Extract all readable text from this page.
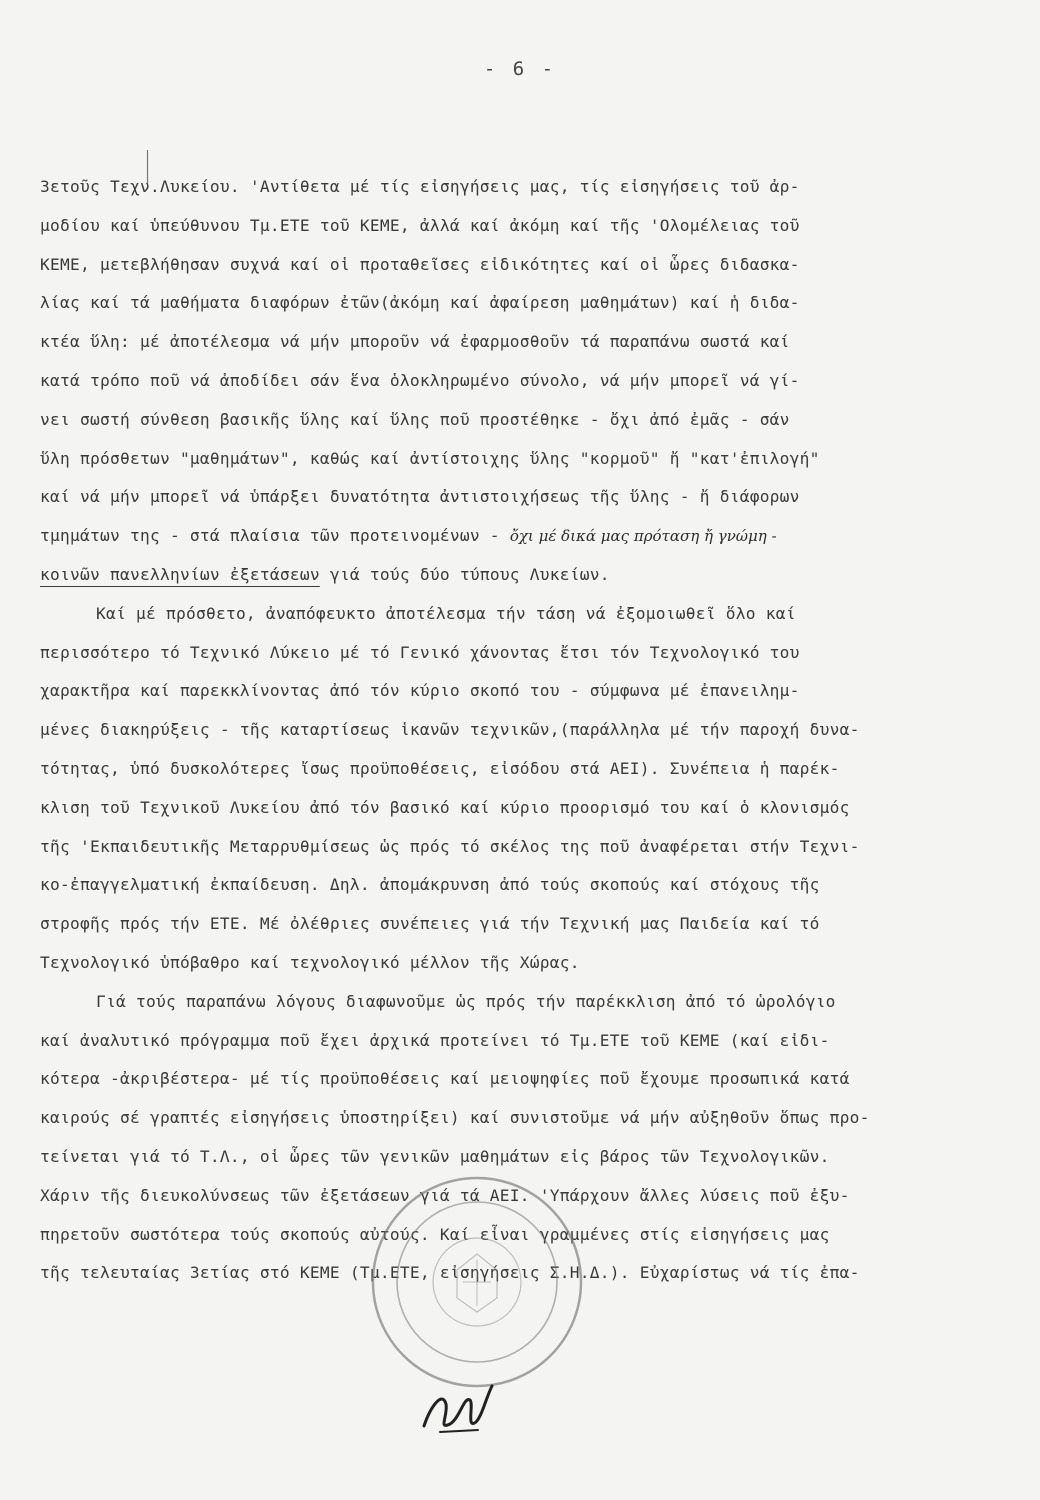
- 6 -
3ετοῦς Τεχν.Λυκείου. 'Αντίθετα μέ τίς εἰσηγήσεις μας, τίς εἰσηγήσεις τοῦ ἀρ-
μοδίου καί ὑπεύθυνου Τμ.ΕΤΕ τοῦ ΚΕΜΕ, ἀλλά καί ἀκόμη καί τῆς 'Ολομέλειας τοῦ
ΚΕΜΕ, μετεβλήθησαν συχνά καί οἱ προταθεῖσες εἰδικότητες καί οἱ ὧρες διδασκα-
λίας καί τά μαθήματα διαφόρων ἐτῶν(ἀκόμη καί ἀφαίρεση μαθημάτων) καί ἡ διδα-
κτέα ὕλη: μέ ἀποτέλεσμα νά μήν μποροῦν νά ἐφαρμοσθοῦν τά παραπάνω σωστά καί
κατά τρόπο ποῦ νά ἀποδίδει σάν ἕνα ὁλοκληρωμένο σύνολο, νά μήν μπορεῖ νά γί-
νει σωστή σύνθεση βασικῆς ὕλης καί ὕλης ποῦ προστέθηκε - ὄχι ἀπό ἐμᾶς - σάν
ὕλη πρόσθετων "μαθημάτων", καθώς καί ἀντίστοιχης ὕλης "κορμοῦ" ἤ "κατ'ἐπιλογή"
καί νά μήν μπορεῖ νά ὑπάρξει δυνατότητα ἀντιστοιχήσεως τῆς ὕλης - ἤ διάφορων
τμημάτων της - στά πλαίσια τῶν προτεινομένων - ὄχι μέ δικά μας πρόταση ἤ γνώμη -
κοινῶν πανελληνίων ἐξετάσεων γιά τούς δύο τύπους Λυκείων.
Καί μέ πρόσθετο, ἀναπόφευκτο ἀποτέλεσμα τήν τάση νά ἐξομοιωθεῖ ὅλο καί
περισσότερο τό Τεχνικό Λύκειο μέ τό Γενικό χάνοντας ἔτσι τόν Τεχνολογικό του
χαρακτῆρα καί παρεκκλίνοντας ἀπό τόν κύριο σκοπό του - σύμφωνα μέ ἐπανειλημ-
μένες διακηρύξεις - τῆς καταρτίσεως ἱκανῶν τεχνικῶν,(παράλληλα μέ τήν παροχή δυνα-
τότητας, ὑπό δυσκολότερες ἴσως προϋποθέσεις, εἰσόδου στά ΑΕΙ). Συνέπεια ἡ παρέκ-
κλιση τοῦ Τεχνικοῦ Λυκείου ἀπό τόν βασικό καί κύριο προορισμό του καί ὁ κλονισμός
τῆς 'Εκπαιδευτικῆς Μεταρρυθμίσεως ὡς πρός τό σκέλος της ποῦ ἀναφέρεται στήν Τεχνι-
κο-ἐπαγγελματική ἐκπαίδευση. Δηλ. ἀπομάκρυνση ἀπό τούς σκοπούς καί στόχους τῆς
στροφῆς πρός τήν ΕΤΕ. Μέ ὀλέθριες συνέπειες γιά τήν Τεχνική μας Παιδεία καί τό
Τεχνολογικό ὑπόβαθρο καί τεχνολογικό μέλλον τῆς Χώρας.
Γιά τούς παραπάνω λόγους διαφωνοῦμε ὡς πρός τήν παρέκκλιση ἀπό τό ὡρολόγιο
καί ἀναλυτικό πρόγραμμα ποῦ ἔχει ἀρχικά προτείνει τό Τμ.ΕΤΕ τοῦ ΚΕΜΕ (καί εἰδι-
κότερα -ἀκριβέστερα- μέ τίς προϋποθέσεις καί μειοψηφίες ποῦ ἔχουμε προσωπικά κατά
καιρούς σέ γραπτές εἰσηγήσεις ὑποστηρίξει) καί συνιστοῦμε νά μήν αὐξηθοῦν ὅπως προ-
τείνεται γιά τό Τ.Λ., οἱ ὧρες τῶν γενικῶν μαθημάτων εἰς βάρος τῶν Τεχνολογικῶν.
Χάριν τῆς διευκολύνσεως τῶν ἐξετάσεων γιά τά ΑΕΙ. 'Υπάρχουν ἄλλες λύσεις ποῦ ἐξυ-
πηρετοῦν σωστότερα τούς σκοπούς αὐτούς. Καί εἶναι γραμμένες στίς εἰσηγήσεις μας
τῆς τελευταίας 3ετίας στό ΚΕΜΕ (Τμ.ΕΤΕ, εἰσηγήσεις Σ.Η.Δ.). Εὐχαρίστως νά τίς ἐπα-
